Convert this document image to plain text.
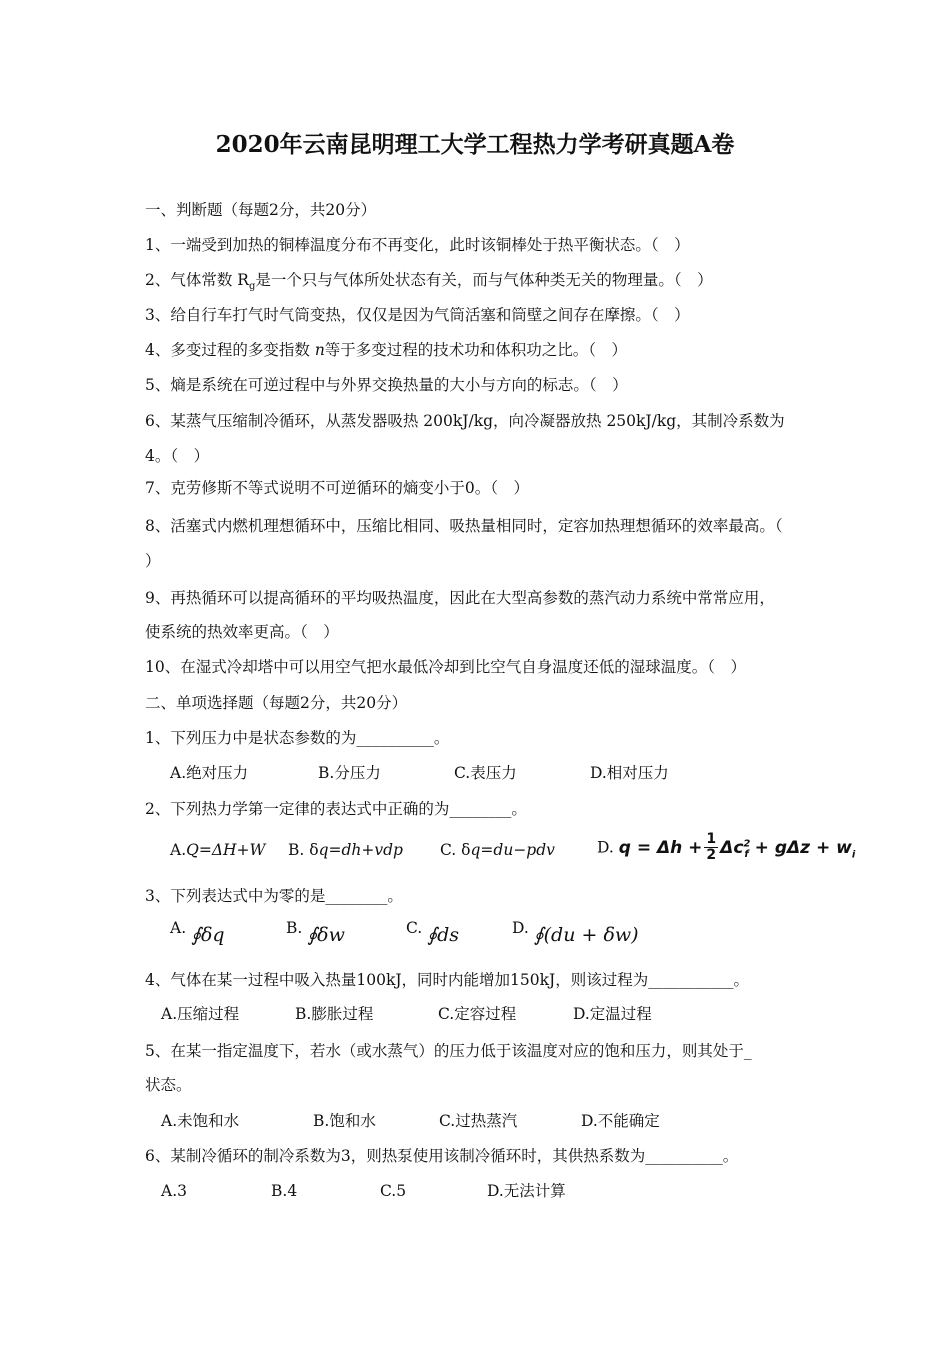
2020年云南昆明理工大学工程热力学考研真题A卷
一、判断题（每题2分，共20分）
1、一端受到加热的铜棒温度分布不再变化，此时该铜棒处于热平衡状态。（　）
2、气体常数 $R_g$是一个只与气体所处状态有关，而与气体种类无关的物理量。（　）
3、给自行车打气时气筒变热，仅仅是因为气筒活塞和筒壁之间存在摩擦。（　）
4、多变过程的多变指数 n等于多变过程的技术功和体积功之比。（　）
5、熵是系统在可逆过程中与外界交换热量的大小与方向的标志。（　）
6、某蒸气压缩制冷循环，从蒸发器吸热 200kJ/kg，向冷凝器放热 250kJ/kg，其制冷系数为
4。（　）
7、克劳修斯不等式说明不可逆循环的熵变小于0。（　）
8、活塞式内燃机理想循环中，压缩比相同、吸热量相同时，定容加热理想循环的效率最高。（
）
9、再热循环可以提高循环的平均吸热温度，因此在大型高参数的蒸汽动力系统中常常应用，
使系统的热效率更高。（　）
10、在湿式冷却塔中可以用空气把水最低冷却到比空气自身温度还低的湿球温度。（　）
二、单项选择题（每题2分，共20分）
1、下列压力中是状态参数的为__________。
A.绝对压力	B.分压力	C.表压力	D.相对压力
2、下列热力学第一定律的表达式中正确的为________。
A.Q=ΔH+W B. δq=dh+vdp C. δq=du−pdv	D. $q = \Delta h + \frac{1}{2} \Delta c^2_f + g\Delta z + w_i$
3、下列表达式中为零的是________。
A. ∮δq	B. ∮δw	C. ∮ds	D. ∮(du + δw)
4、气体在某一过程中吸入热量100kJ，同时内能增加150kJ，则该过程为___________。
A.压缩过程	B.膨胀过程	C.定容过程	D.定温过程
5、在某一指定温度下，若水（或水蒸气）的压力低于该温度对应的饱和压力，则其处于_
状态。
A.未饱和水	B.饱和水	C.过热蒸汽	D.不能确定
6、某制冷循环的制冷系数为3，则热泵使用该制冷循环时，其供热系数为__________。
A.3	B.4	C.5	D.无法计算
